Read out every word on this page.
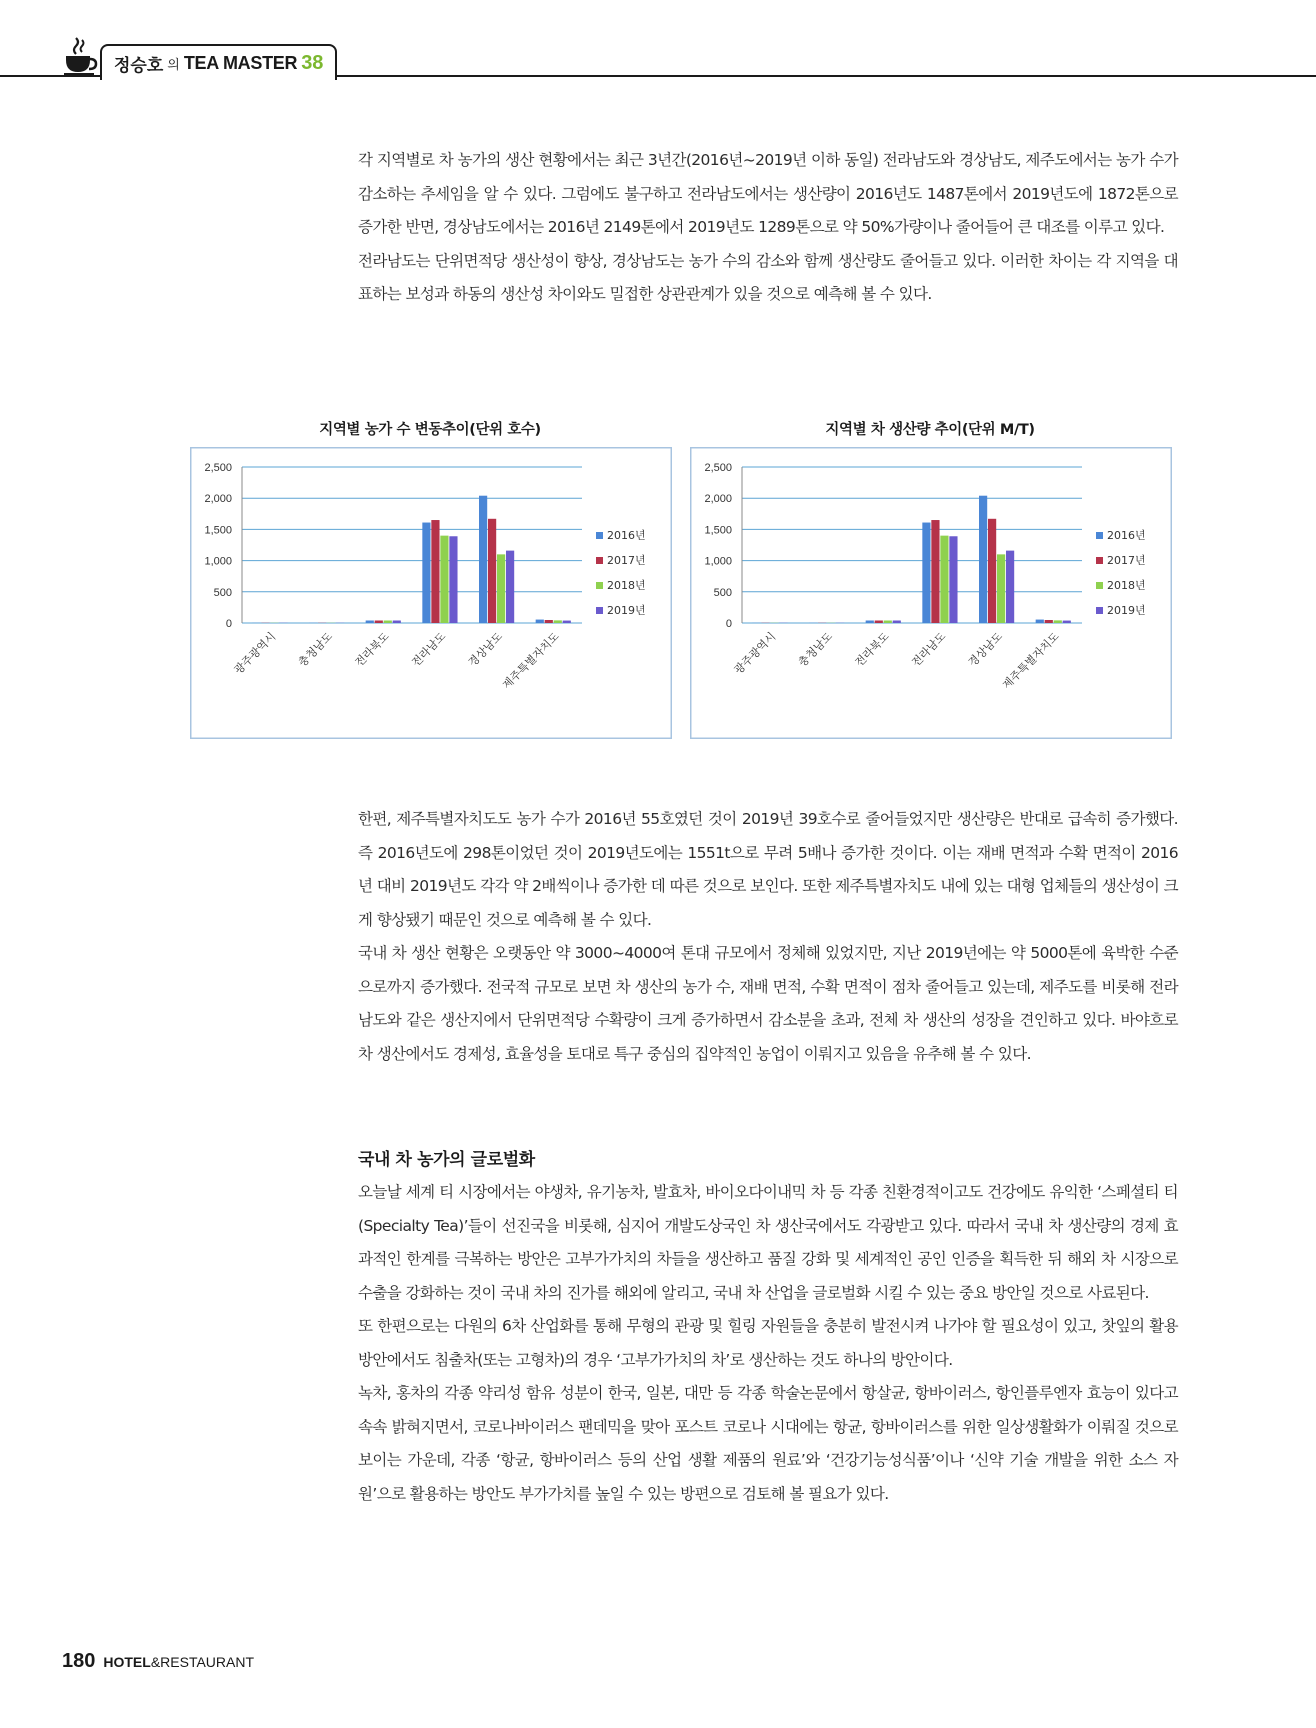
정승호 의 TEA MASTER 38

각 지역별로 차 농가의 생산 현황에서는 최근 3년간(2016년~2019년 이하 동일) 전라남도와 경상남도, 제주도에서는 농가 수가 감소하는 추세임을 알 수 있다. 그럼에도 불구하고 전라남도에서는 생산량이 2016년도 1487톤에서 2019년도에 1872톤으로 증가한 반면, 경상남도에서는 2016년 2149톤에서 2019년도 1289톤으로 약 50%가량이나 줄어들어 큰 대조를 이루고 있다.

전라남도는 단위면적당 생산성이 향상, 경상남도는 농가 수의 감소와 함께 생산량도 줄어들고 있다. 이러한 차이는 각 지역을 대표하는 보성과 하동의 생산성 차이와도 밀접한 상관관계가 있을 것으로 예측해 볼 수 있다.

지역별 농가 수 변동추이(단위 호수)	지역별 차 생산량 추이(단위 M/T)
0
500
1,000
1,500
2,000
2,500
광주광역시 충청남도 전라북도 전라남도 경상남도
제주특별자치도
2016년
2017년
2018년
2019년
0
500
1,000
1,500
2,000
2,500
광주광역시 충청남도 전라북도 전라남도 경상남도
제주특별자치도
2016년
2017년
2018년
2019년

한편, 제주특별자치도도 농가 수가 2016년 55호였던 것이 2019년 39호수로 줄어들었지만 생산량은 반대로 급속히 증가했다. 즉 2016년도에 298톤이었던 것이 2019년도에는 1551t으로 무려 5배나 증가한 것이다. 이는 재배 면적과 수확 면적이 2016년 대비 2019년도 각각 약 2배씩이나 증가한 데 따른 것으로 보인다. 또한 제주특별자치도 내에 있는 대형 업체들의 생산성이 크게 향상됐기 때문인 것으로 예측해 볼 수 있다.

국내 차 생산 현황은 오랫동안 약 3000~4000여 톤대 규모에서 정체해 있었지만, 지난 2019년에는 약 5000톤에 육박한 수준으로까지 증가했다. 전국적 규모로 보면 차 생산의 농가 수, 재배 면적, 수확 면적이 점차 줄어들고 있는데, 제주도를 비롯해 전라남도와 같은 생산지에서 단위면적당 수확량이 크게 증가하면서 감소분을 초과, 전체 차 생산의 성장을 견인하고 있다. 바야흐로 차 생산에서도 경제성, 효율성을 토대로 특구 중심의 집약적인 농업이 이뤄지고 있음을 유추해 볼 수 있다.

국내 차 농가의 글로벌화

오늘날 세계 티 시장에서는 야생차, 유기농차, 발효차, 바이오다이내믹 차 등 각종 친환경적이고도 건강에도 유익한 ‘스페셜티 티(Specialty Tea)’들이 선진국을 비롯해, 심지어 개발도상국인 차 생산국에서도 각광받고 있다. 따라서 국내 차 생산량의 경제 효과적인 한계를 극복하는 방안은 고부가가치의 차들을 생산하고 품질 강화 및 세계적인 공인 인증을 획득한 뒤 해외 차 시장으로 수출을 강화하는 것이 국내 차의 진가를 해외에 알리고, 국내 차 산업을 글로벌화 시킬 수 있는 중요 방안일 것으로 사료된다.

또 한편으로는 다원의 6차 산업화를 통해 무형의 관광 및 힐링 자원들을 충분히 발전시켜 나가야 할 필요성이 있고, 찻잎의 활용 방안에서도 침출차(또는 고형차)의 경우 ‘고부가가치의 차’로 생산하는 것도 하나의 방안이다.

녹차, 홍차의 각종 약리성 함유 성분이 한국, 일본, 대만 등 각종 학술논문에서 항살균, 항바이러스, 항인플루엔자 효능이 있다고 속속 밝혀지면서, 코로나바이러스 팬데믹을 맞아 포스트 코로나 시대에는 항균, 항바이러스를 위한 일상생활화가 이뤄질 것으로 보이는 가운데, 각종 ‘항균, 항바이러스 등의 산업 생활 제품의 원료’와 ‘건강기능성식품’이나 ‘신약 기술 개발을 위한 소스 자원’으로 활용하는 방안도 부가가치를 높일 수 있는 방편으로 검토해 볼 필요가 있다.

180 HOTEL&RESTAURANT
